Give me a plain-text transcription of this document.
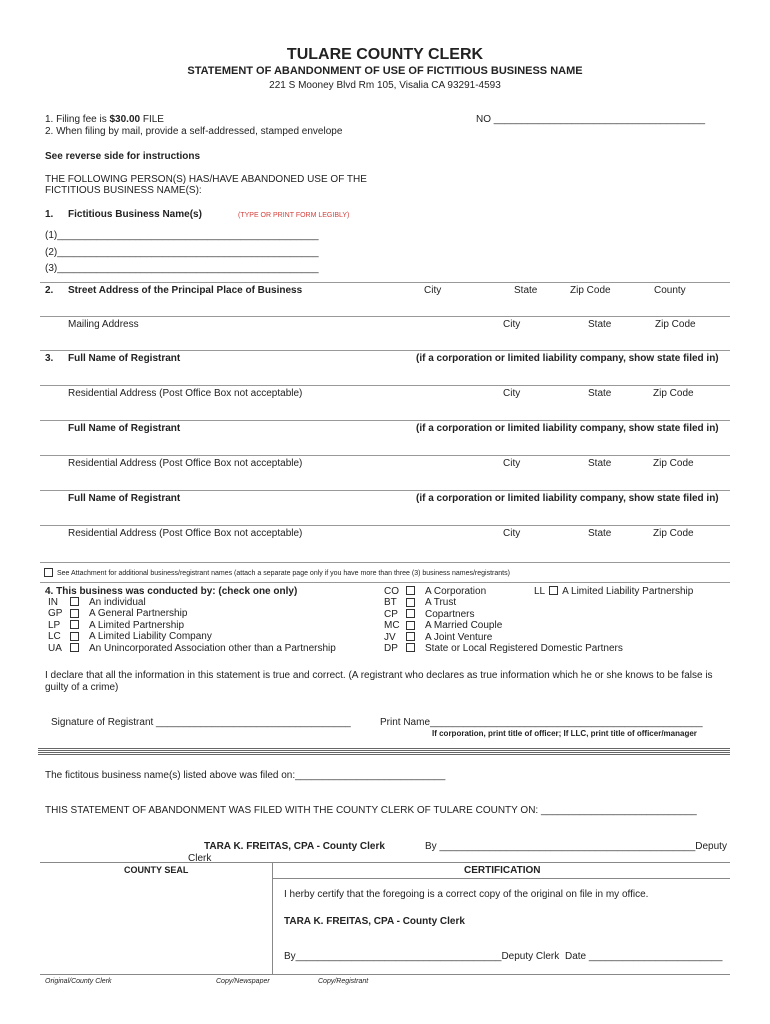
TULARE COUNTY CLERK
STATEMENT OF ABANDONMENT OF USE OF FICTITIOUS BUSINESS NAME
221 S Mooney Blvd Rm 105, Visalia CA 93291-4593
1. Filing fee is $30.00 FILE
2. When filing by mail, provide a self-addressed, stamped envelope
NO ______________________________________
See reverse side for instructions
THE FOLLOWING PERSON(S) HAS/HAVE ABANDONED USE OF THE
FICTITIOUS BUSINESS NAME(S):
1. Fictitious Business Name(s)	(TYPE OR PRINT FORM LEGIBLY)
(1)_______________________________________________
(2)_______________________________________________
(3)_______________________________________________
2. Street Address of the Principal Place of Business	City	State	Zip Code	County
Mailing Address	City	State	Zip Code
3. Full Name of Registrant	(if a corporation or limited liability company, show state filed in)
Residential Address (Post Office Box not acceptable)	City	State	Zip Code
Full Name of Registrant	(if a corporation or limited liability company, show state filed in)
Residential Address (Post Office Box not acceptable)	City	State	Zip Code
Full Name of Registrant	(if a corporation or limited liability company, show state filed in)
Residential Address (Post Office Box not acceptable)	City	State	Zip Code
See Attachment for additional business/registrant names (attach a separate page only if you have more than three (3) business names/registrants)
4. This business was conducted by: (check one only)
IN	An individual
GP	A General Partnership
LP	A Limited Partnership
LC	A Limited Liability Company
UA	An Unincorporated Association other than a Partnership
CO	A Corporation
BT	A Trust
CP	Copartners
MC	A Married Couple
JV	A Joint Venture
DP	State or Local Registered Domestic Partners
LL A Limited Liability Partnership
I declare that all the information in this statement is true and correct. (A registrant who declares as true information which he or she knows to be false is
guilty of a crime)
Signature of Registrant ___________________________________	Print Name_________________________________________________
If corporation, print title of officer; If LLC, print title of officer/manager
The fictitous business name(s) listed above was filed on:___________________________
THIS STATEMENT OF ABANDONMENT WAS FILED WITH THE COUNTY CLERK OF TULARE COUNTY ON: ____________________________
TARA K. FREITAS, CPA - County Clerk
Clerk
By ______________________________________________Deputy
COUNTY SEAL	CERTIFICATION
I herby certify that the foregoing is a correct copy of the original on file in my office.
TARA K. FREITAS, CPA - County Clerk
By_____________________________________Deputy Clerk Date ________________________
Original/County Clerk	Copy/Newspaper	Copy/Registrant
